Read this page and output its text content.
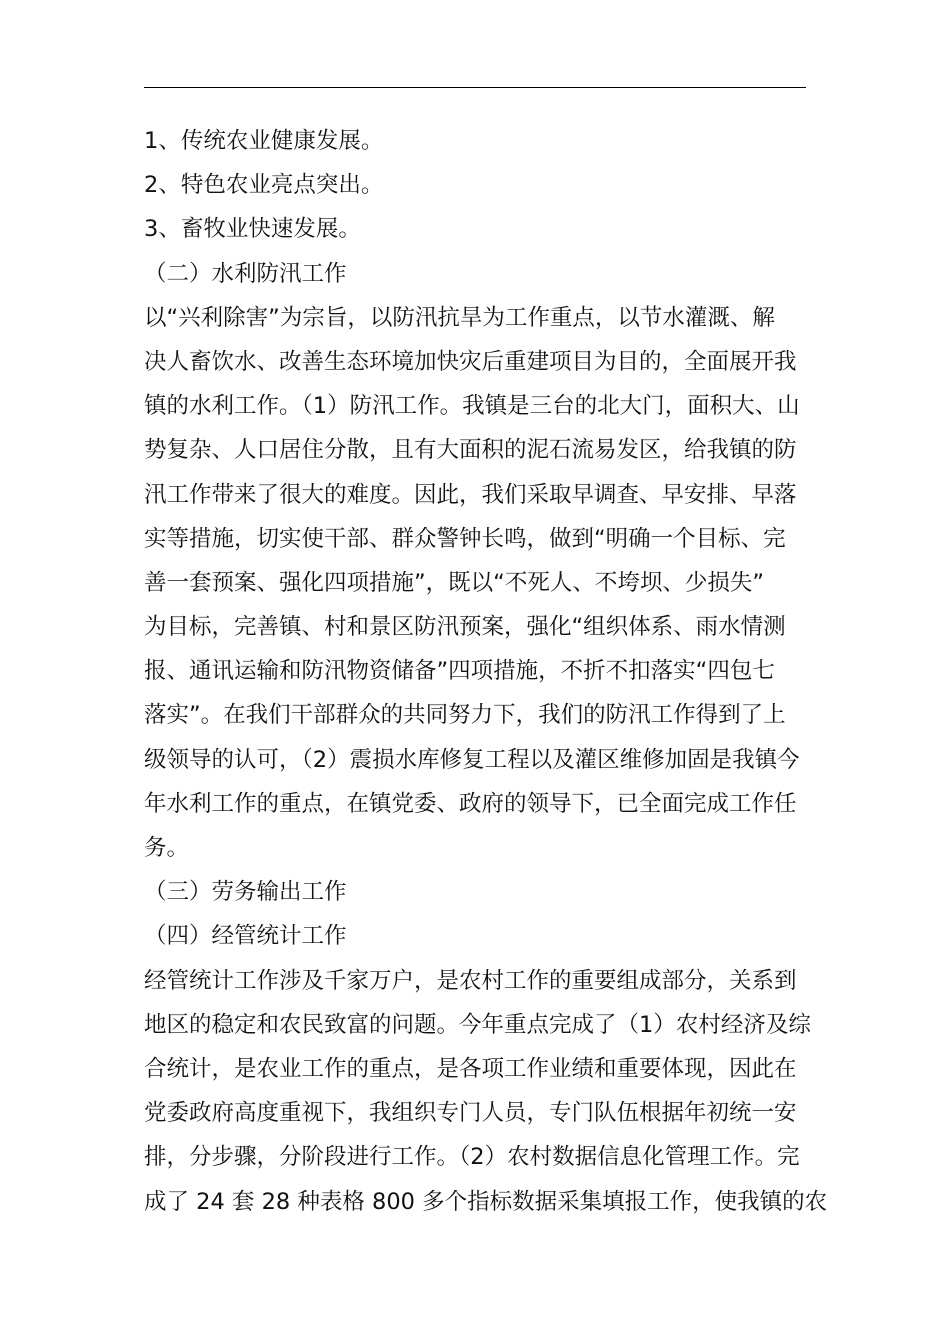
1、传统农业健康发展。

2、特色农业亮点突出。

3、畜牧业快速发展。

（二）水利防汛工作

以“兴利除害”为宗旨，以防汛抗旱为工作重点，以节水灌溉、解

决人畜饮水、改善生态环境加快灾后重建项目为目的，全面展开我

镇的水利工作。（1）防汛工作。我镇是三台的北大门，面积大、山

势复杂、人口居住分散，且有大面积的泥石流易发区，给我镇的防

汛工作带来了很大的难度。因此，我们采取早调查、早安排、早落

实等措施，切实使干部、群众警钟长鸣，做到“明确一个目标、完

善一套预案、强化四项措施”，既以“不死人、不垮坝、少损失”

为目标，完善镇、村和景区防汛预案，强化“组织体系、雨水情测

报、通讯运输和防汛物资储备”四项措施，不折不扣落实“四包七

落实”。在我们干部群众的共同努力下，我们的防汛工作得到了上

级领导的认可，（2）震损水库修复工程以及灌区维修加固是我镇今

年水利工作的重点，在镇党委、政府的领导下，已全面完成工作任

务。

（三）劳务输出工作

（四）经管统计工作

经管统计工作涉及千家万户，是农村工作的重要组成部分，关系到

地区的稳定和农民致富的问题。今年重点完成了（1）农村经济及综

合统计，是农业工作的重点，是各项工作业绩和重要体现，因此在

党委政府高度重视下，我组织专门人员，专门队伍根据年初统一安

排，分步骤，分阶段进行工作。（2）农村数据信息化管理工作。完

成了 24 套 28 种表格 800 多个指标数据采集填报工作，使我镇的农
